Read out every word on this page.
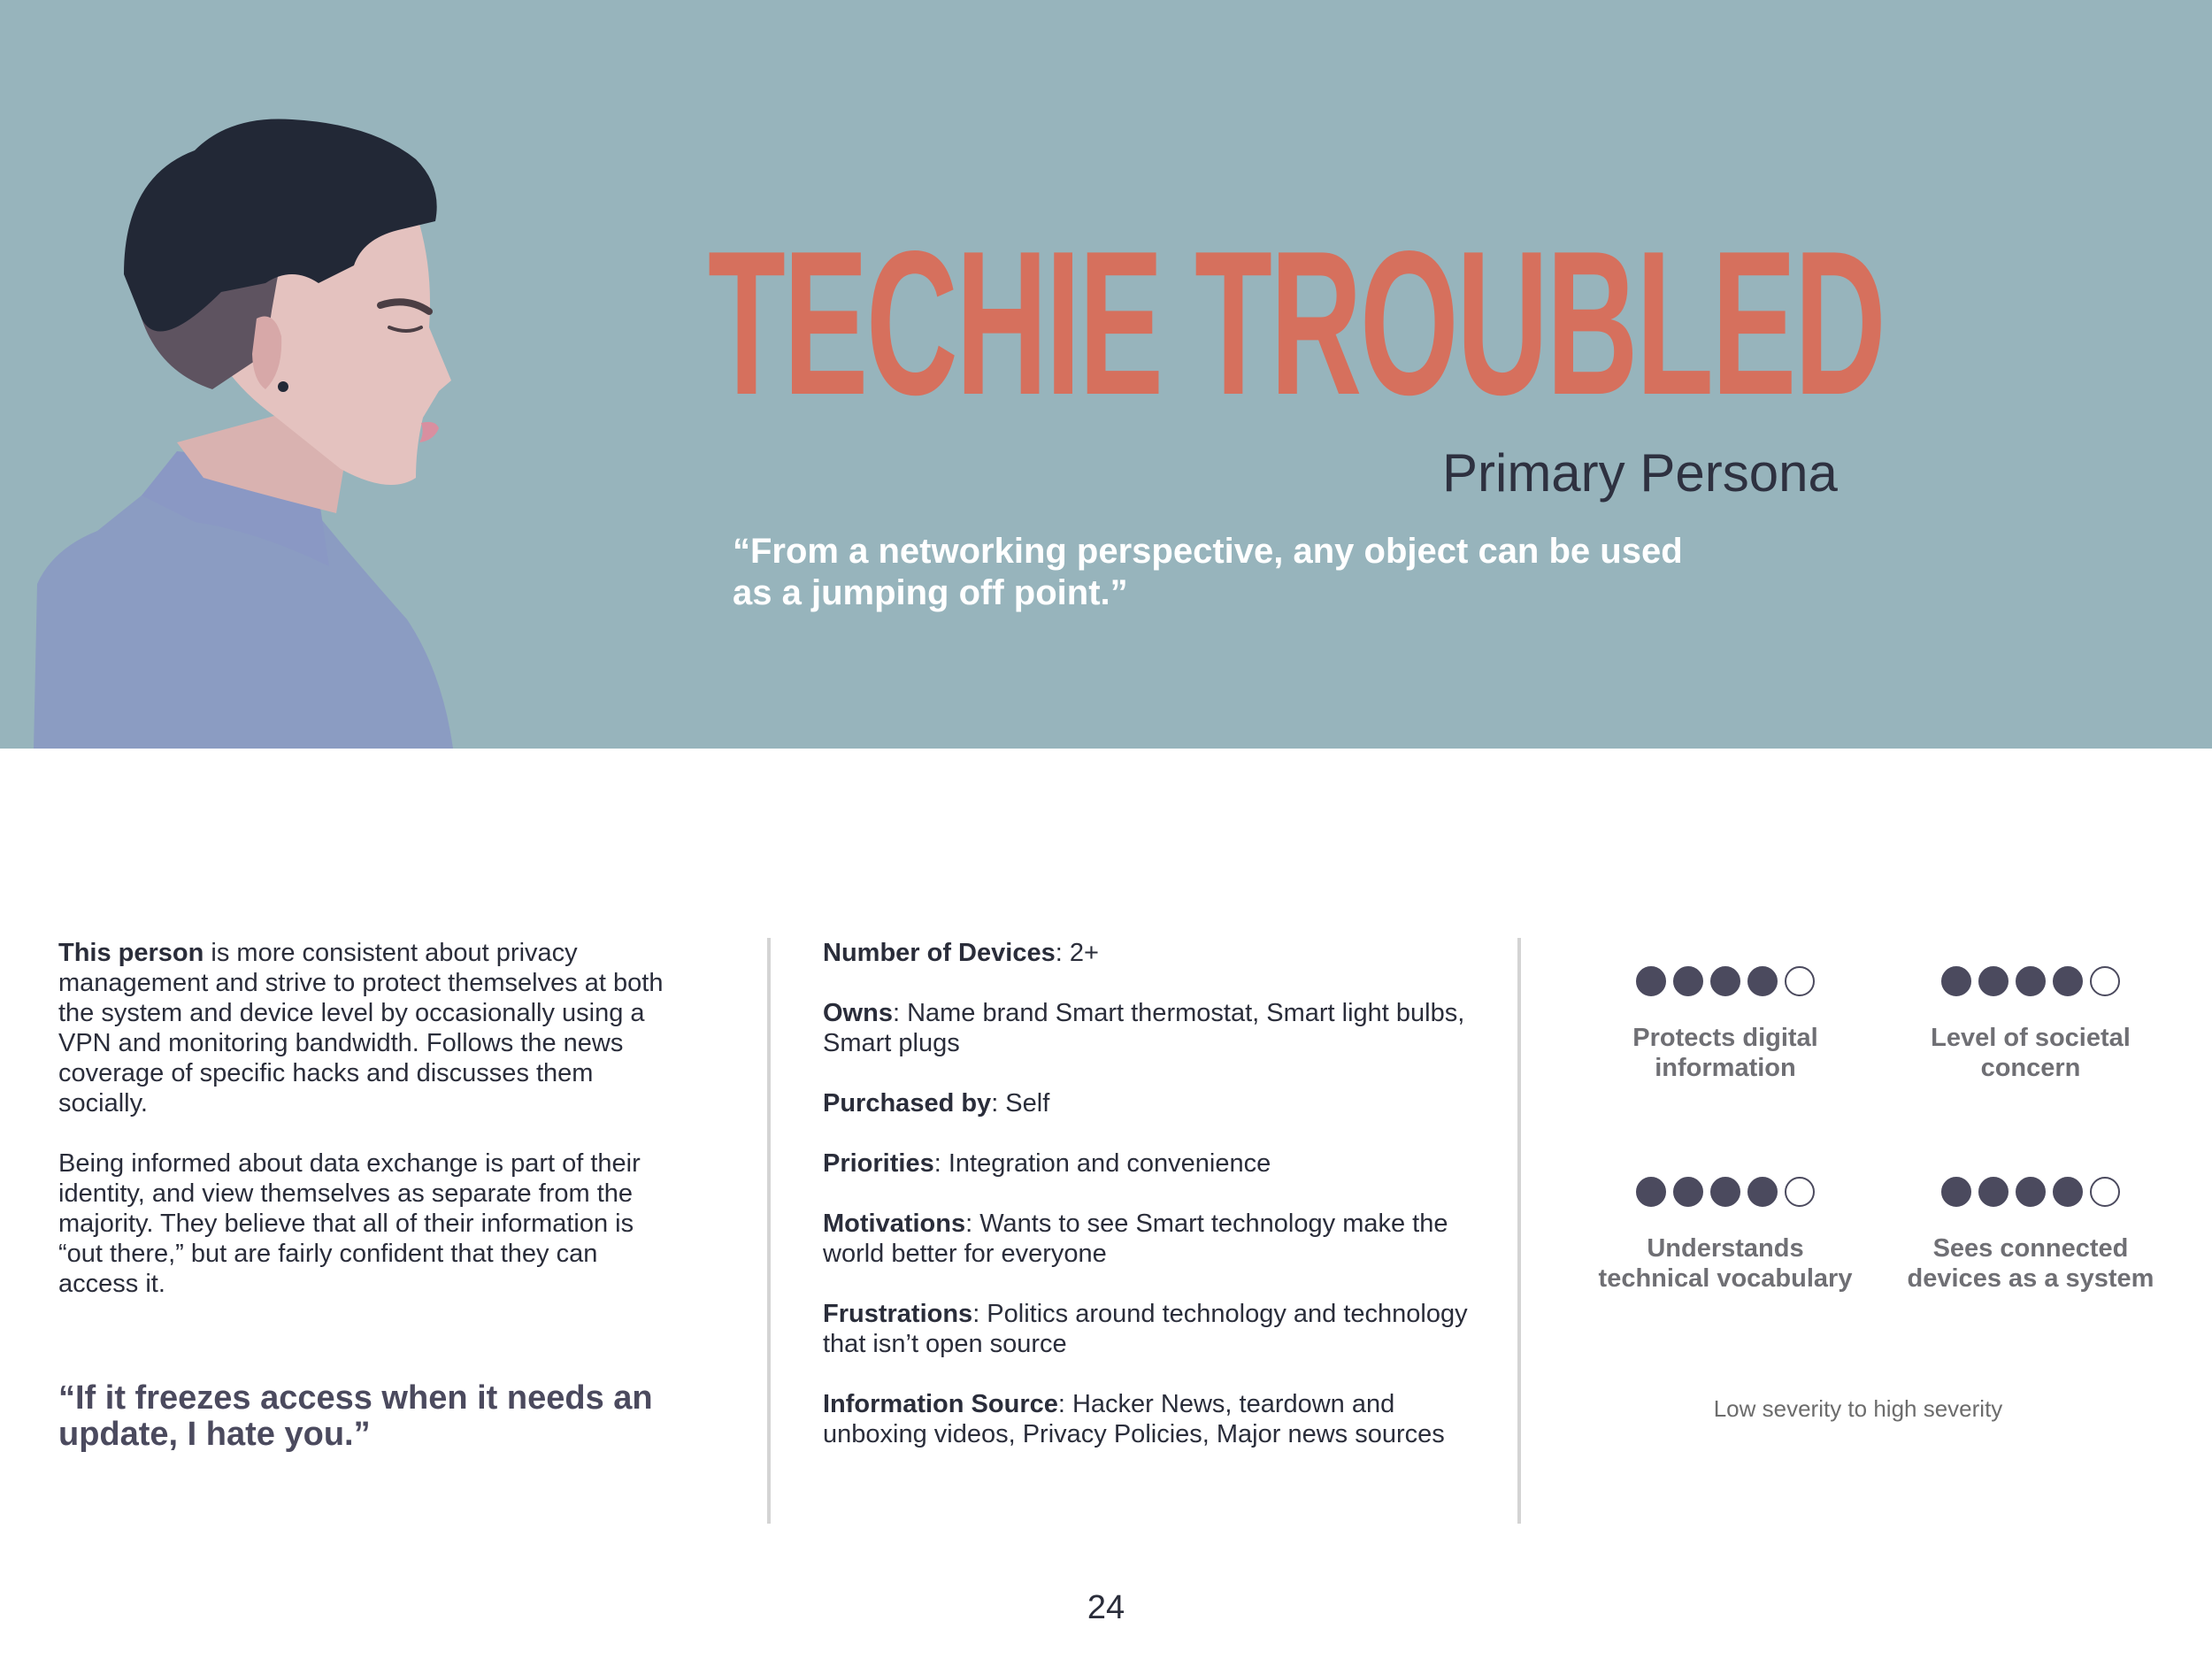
TECHIE TROUBLED
Primary Persona
“From a networking perspective, any object can be used as a jumping off point.”

This person is more consistent about privacy management and strive to protect themselves at both the system and device level by occasionally using a VPN and monitoring bandwidth. Follows the news coverage of specific hacks and discusses them socially.

Being informed about data exchange is part of their identity, and view themselves as separate from the majority. They believe that all of their information is “out there,” but are fairly confident that they can access it.

“If it freezes access when it needs an update, I hate you.”

Number of Devices: 2+

Owns: Name brand Smart thermostat, Smart light bulbs, Smart plugs

Purchased by: Self

Priorities: Integration and convenience

Motivations: Wants to see Smart technology make the world better for everyone

Frustrations: Politics around technology and technology that isn’t open source

Information Source: Hacker News, teardown and unboxing videos, Privacy Policies, Major news sources

Protects digital
information
Level of societal
concern
Understands
technical vocabulary
Sees connected
devices as a system
Low severity to high severity
24
